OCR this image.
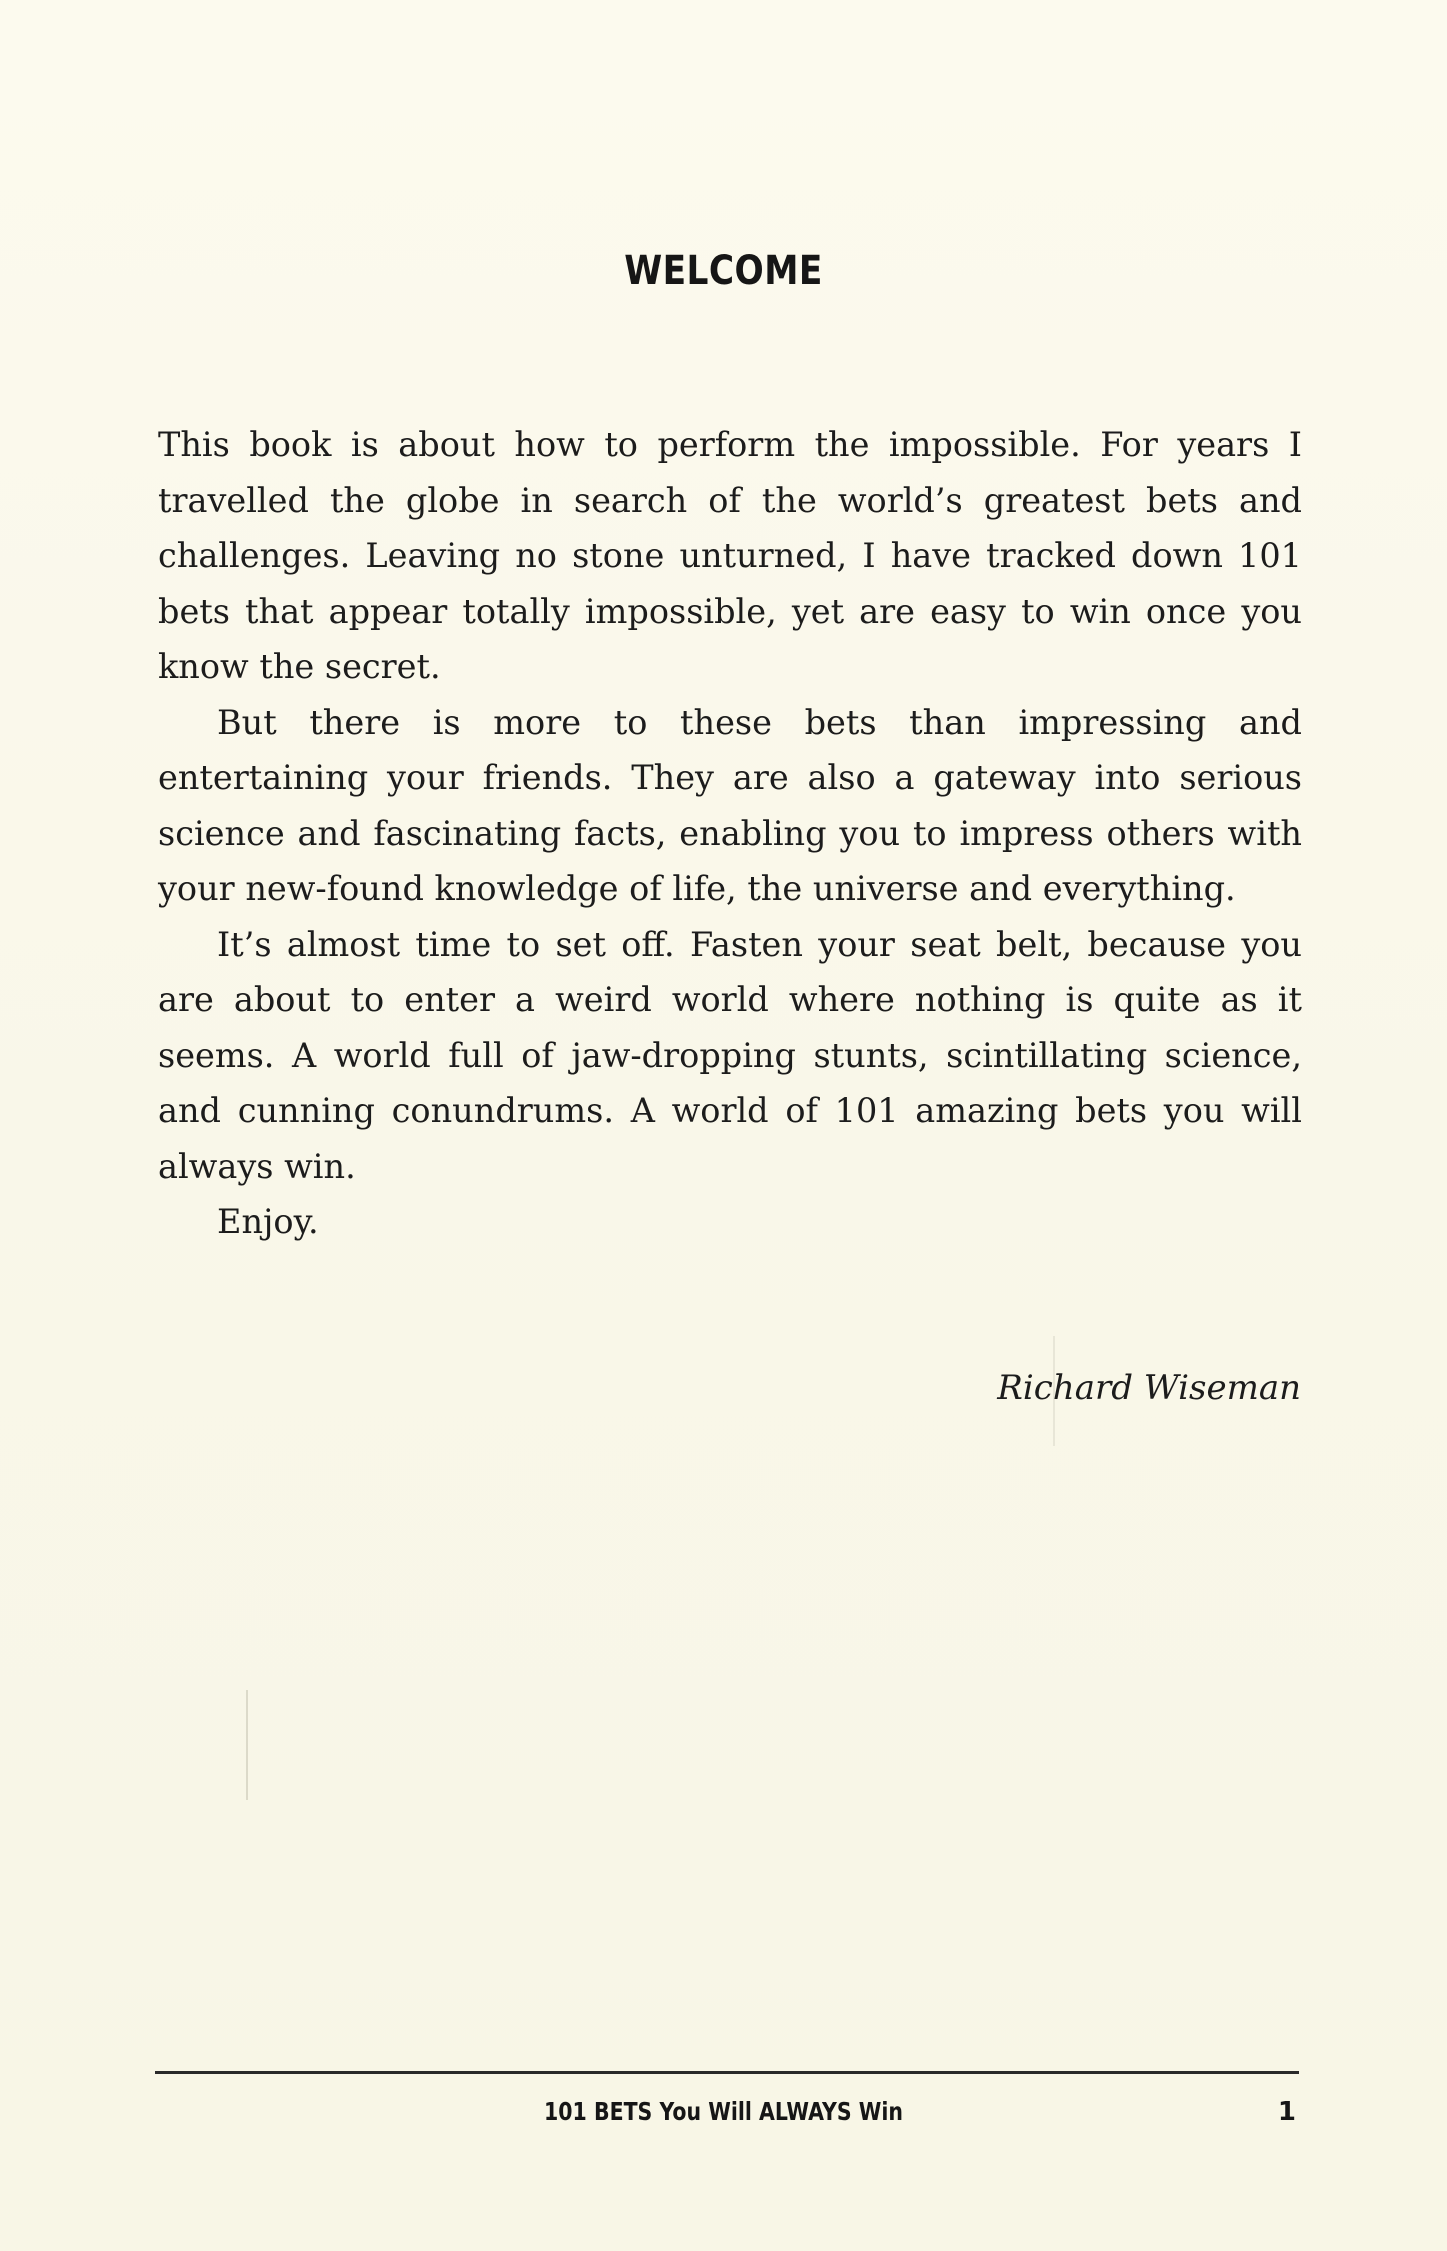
WELCOME

This book is about how to perform the impossible. For years I travelled the globe in search of the world’s greatest bets and challenges. Leaving no stone unturned, I have tracked down 101 bets that appear totally impossible, yet are easy to win once you know the secret.

But there is more to these bets than impressing and entertaining your friends. They are also a gateway into serious science and fascinating facts, enabling you to impress others with your new-found knowledge of life, the universe and everything.

It’s almost time to set off. Fasten your seat belt, because you are about to enter a weird world where nothing is quite as it seems. A world full of jaw-dropping stunts, scintillating science, and cunning conundrums. A world of 101 amazing bets you will always win.

Enjoy.

Richard Wiseman

101 BETS You Will ALWAYS Win	1
